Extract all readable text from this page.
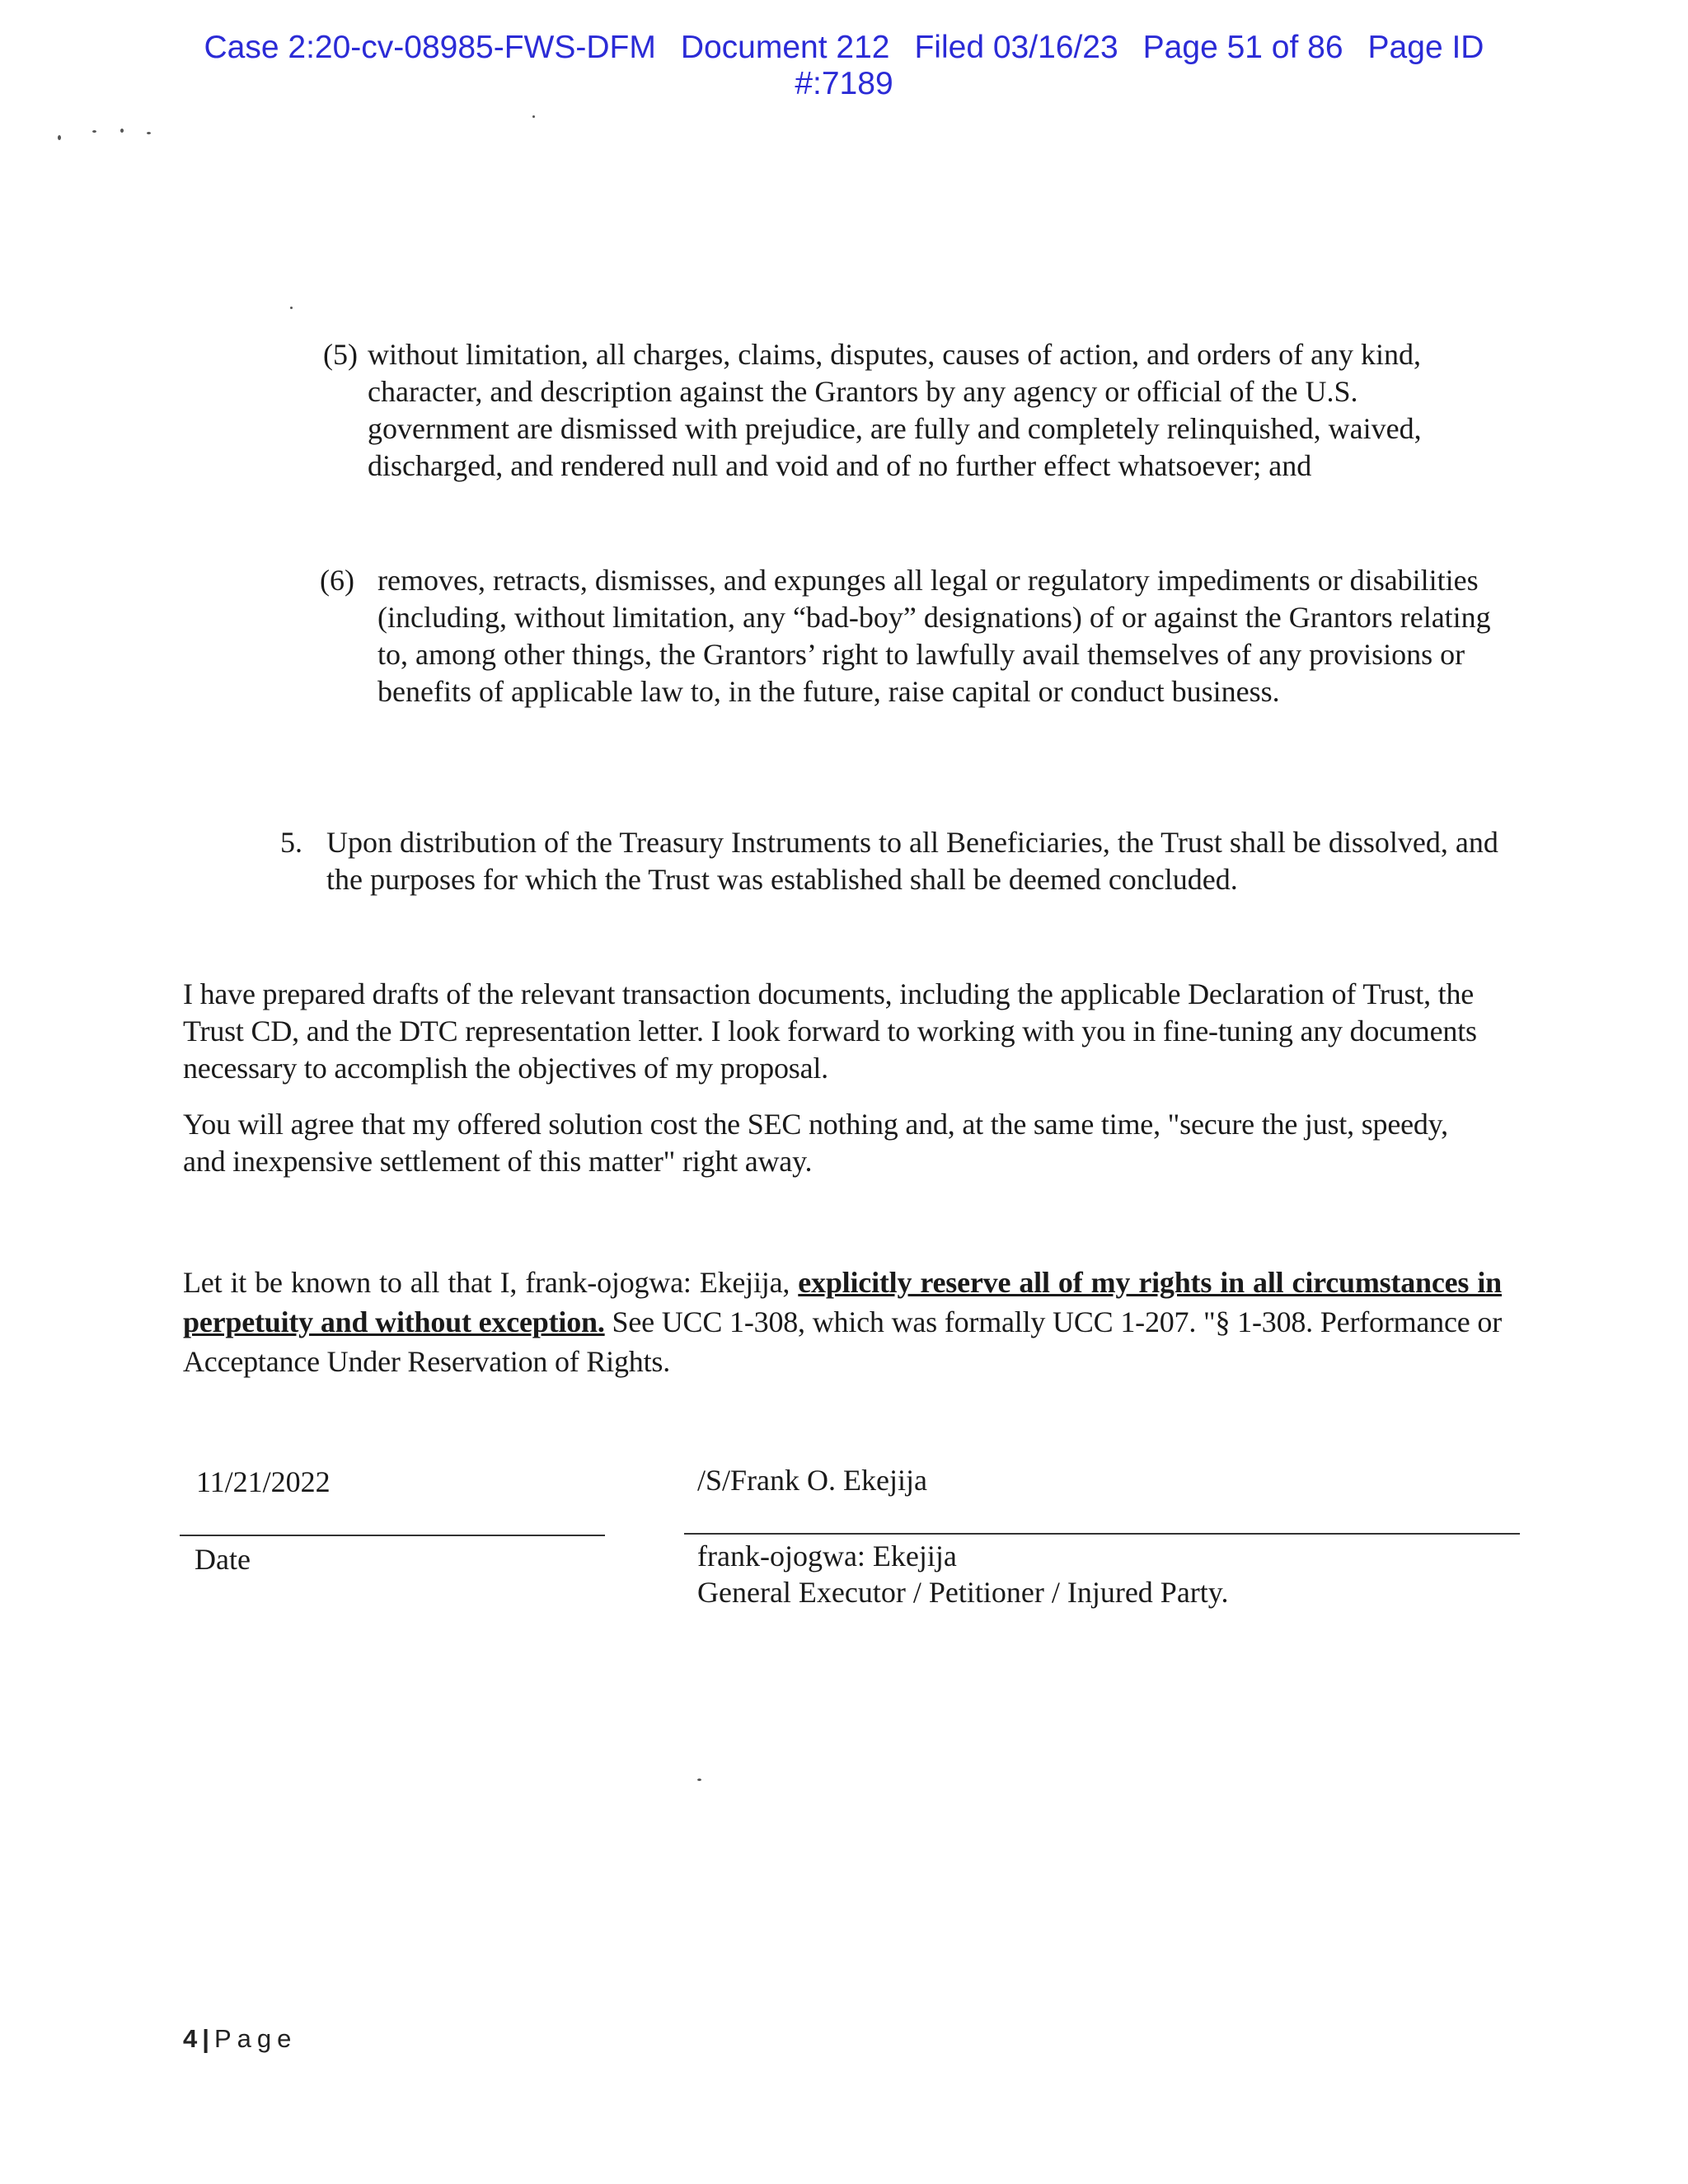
Case 2:20-cv-08985-FWS-DFM Document 212 Filed 03/16/23 Page 51 of 86 Page ID
#:7189
(5) without limitation, all charges, claims, disputes, causes of action, and orders of any kind, character, and description against the Grantors by any agency or official of the U.S. government are dismissed with prejudice, are fully and completely relinquished, waived, discharged, and rendered null and void and of no further effect whatsoever; and
(6) removes, retracts, dismisses, and expunges all legal or regulatory impediments or disabilities (including, without limitation, any “bad-boy” designations) of or against the Grantors relating to, among other things, the Grantors’ right to lawfully avail themselves of any provisions or benefits of applicable law to, in the future, raise capital or conduct business.
5. Upon distribution of the Treasury Instruments to all Beneficiaries, the Trust shall be dissolved, and the purposes for which the Trust was established shall be deemed concluded.

I have prepared drafts of the relevant transaction documents, including the applicable Declaration of Trust, the Trust CD, and the DTC representation letter. I look forward to working with you in fine-tuning any documents necessary to accomplish the objectives of my proposal.

You will agree that my offered solution cost the SEC nothing and, at the same time, "secure the just, speedy, and inexpensive settlement of this matter" right away.

Let it be known to all that I, frank-ojogwa: Ekejija, explicitly reserve all of my rights in all circumstances in perpetuity and without exception. See UCC 1-308, which was formally UCC 1-207. "§ 1-308. Performance or Acceptance Under Reservation of Rights.
11/21/2022	/S/Frank O. Ekejija
Date	frank-ojogwa: Ekejija
General Executor / Petitioner / Injured Party.
4 | Page
